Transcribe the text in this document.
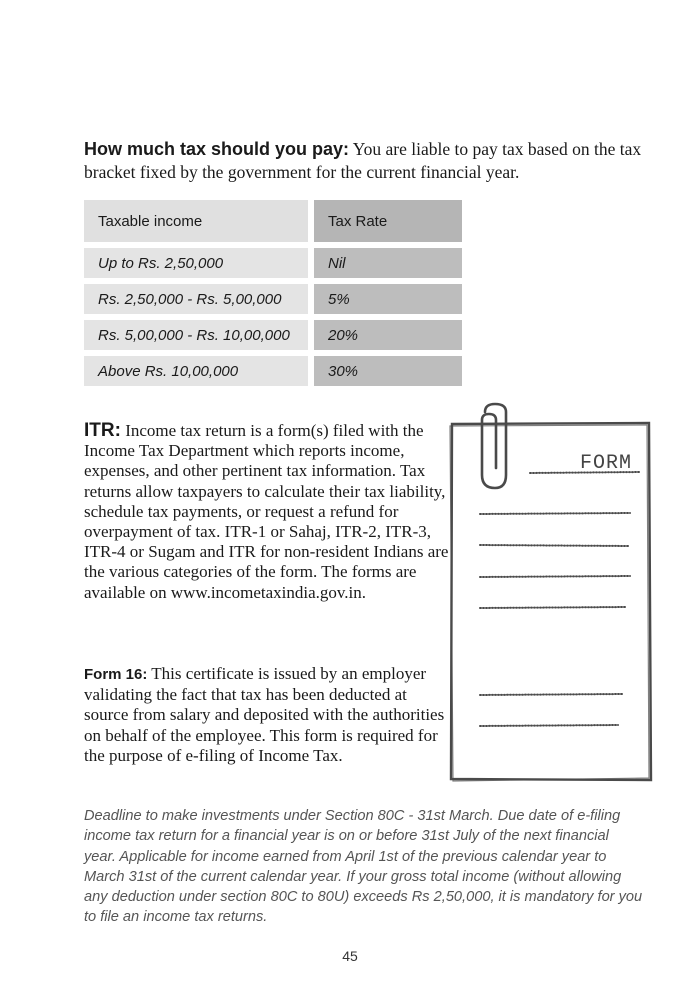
How much tax should you pay: You are liable to pay tax based on the tax bracket fixed by the government for the current financial year.
Taxable income	Tax Rate
Up to Rs. 2,50,000	Nil
Rs. 2,50,000 - Rs. 5,00,000	5%
Rs. 5,00,000 - Rs. 10,00,000	20%
Above Rs. 10,00,000	30%
ITR: Income tax return is a form(s) filed with the Income Tax Department which reports income, expenses, and other pertinent tax information. Tax returns allow taxpayers to calculate their tax liability, schedule tax payments, or request a refund for overpayment of tax. ITR-1 or Sahaj, ITR-2, ITR-3, ITR-4 or Sugam and ITR for non-resident Indians are the various categories of the form. The forms are available on www.incometaxindia.gov.in.
Form 16: This certificate is issued by an employer validating the fact that tax has been deducted at source from salary and deposited with the authorities on behalf of the employee. This form is required for the purpose of e-filing of Income Tax.
FORM
Deadline to make investments under Section 80C - 31st March. Due date of e-filing income tax return for a financial year is on or before 31st July of the next financial year. Applicable for income earned from April 1st of the previous calendar year to March 31st of the current calendar year. If your gross total income (without allowing any deduction under section 80C to 80U) exceeds Rs 2,50,000, it is mandatory for you to file an income tax returns.
45
